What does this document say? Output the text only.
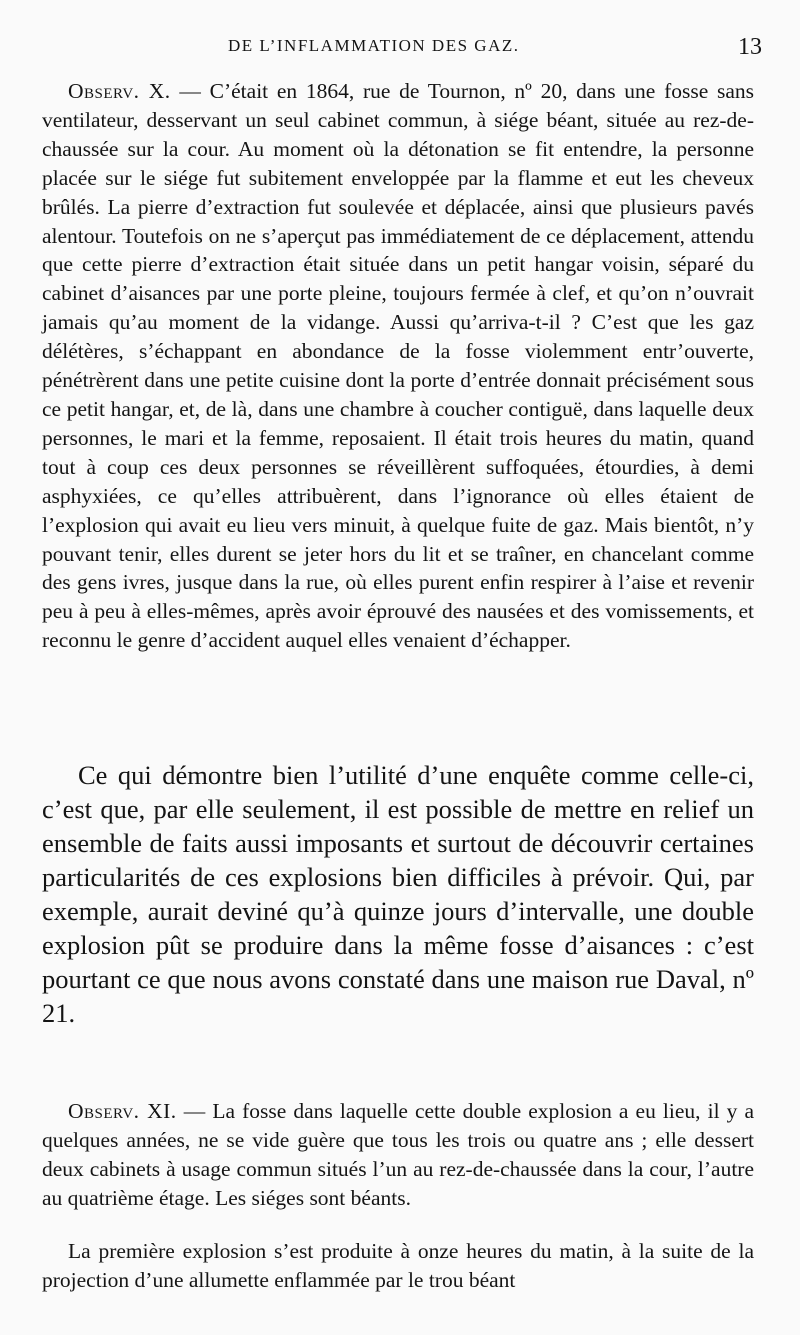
DE L’INFLAMMATION DES GAZ.	13

Observ. X. — C’était en 1864, rue de Tournon, nº 20, dans une fosse sans ventilateur, desservant un seul cabinet commun, à siége béant, située au rez-de-chaussée sur la cour. Au moment où la détonation se fit entendre, la personne placée sur le siége fut subitement enveloppée par la flamme et eut les cheveux brûlés. La pierre d’extraction fut soulevée et déplacée, ainsi que plusieurs pavés alentour. Toutefois on ne s’aperçut pas immédiatement de ce déplacement, attendu que cette pierre d’extraction était située dans un petit hangar voisin, séparé du cabinet d’aisances par une porte pleine, toujours fermée à clef, et qu’on n’ouvrait jamais qu’au moment de la vidange. Aussi qu’arriva-t-il ? C’est que les gaz délétères, s’échappant en abondance de la fosse violemment entr’ouverte, pénétrèrent dans une petite cuisine dont la porte d’entrée donnait précisément sous ce petit hangar, et, de là, dans une chambre à coucher contiguë, dans laquelle deux personnes, le mari et la femme, reposaient. Il était trois heures du matin, quand tout à coup ces deux personnes se réveillèrent suffoquées, étourdies, à demi asphyxiées, ce qu’elles attribuèrent, dans l’ignorance où elles étaient de l’explosion qui avait eu lieu vers minuit, à quelque fuite de gaz. Mais bientôt, n’y pouvant tenir, elles durent se jeter hors du lit et se traîner, en chancelant comme des gens ivres, jusque dans la rue, où elles purent enfin respirer à l’aise et revenir peu à peu à elles-mêmes, après avoir éprouvé des nausées et des vomissements, et reconnu le genre d’accident auquel elles venaient d’échapper.

Ce qui démontre bien l’utilité d’une enquête comme celle-ci, c’est que, par elle seulement, il est possible de mettre en relief un ensemble de faits aussi imposants et surtout de découvrir certaines particularités de ces explosions bien difficiles à prévoir. Qui, par exemple, aurait deviné qu’à quinze jours d’intervalle, une double explosion pût se produire dans la même fosse d’aisances : c’est pourtant ce que nous avons constaté dans une maison rue Daval, nº 21.

Observ. XI. — La fosse dans laquelle cette double explosion a eu lieu, il y a quelques années, ne se vide guère que tous les trois ou quatre ans ; elle dessert deux cabinets à usage commun situés l’un au rez-de-chaussée dans la cour, l’autre au quatrième étage. Les siéges sont béants.

La première explosion s’est produite à onze heures du matin, à la suite de la projection d’une allumette enflammée par le trou béant
